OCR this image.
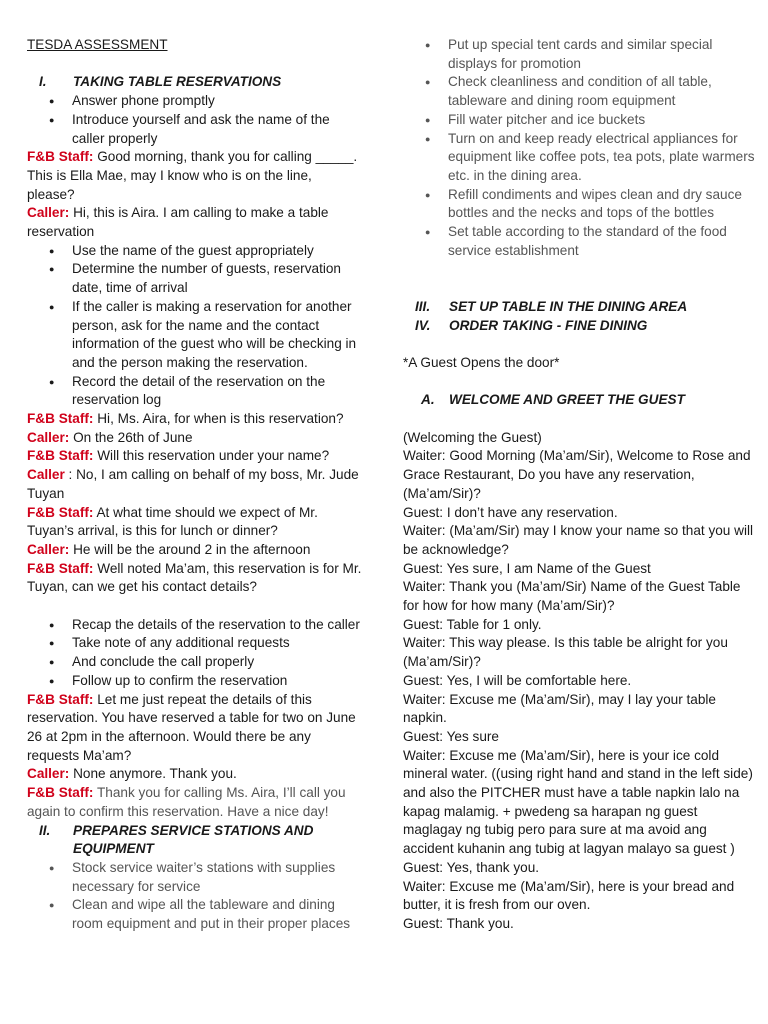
TESDA ASSESSMENT

I.	TAKING TABLE RESERVATIONS
● Answer phone promptly
● Introduce yourself and ask the name of the caller properly

F&B Staff: Good morning, thank you for calling _____. This is Ella Mae, may I know who is on the line, please?

Caller: Hi, this is Aira. I am calling to make a table reservation

● Use the name of the guest appropriately
● Determine the number of guests, reservation date, time of arrival
● If the caller is making a reservation for another person, ask for the name and the contact information of the guest who will be checking in and the person making the reservation.
● Record the detail of the reservation on the reservation log

F&B Staff: Hi, Ms. Aira, for when is this reservation?

Caller: On the 26th of June

F&B Staff: Will this reservation under your name?

Caller : No, I am calling on behalf of my boss, Mr. Jude Tuyan

F&B Staff: At what time should we expect of Mr. Tuyan’s arrival, is this for lunch or dinner?

Caller: He will be the around 2 in the afternoon

F&B Staff: Well noted Ma’am, this reservation is for Mr. Tuyan, can we get his contact details?

● Recap the details of the reservation to the caller
● Take note of any additional requests
● And conclude the call properly
● Follow up to confirm the reservation

F&B Staff: Let me just repeat the details of this reservation. You have reserved a table for two on June 26 at 2pm in the afternoon. Would there be any requests Ma’am?

Caller: None anymore. Thank you.

F&B Staff: Thank you for calling Ms. Aira, I’ll call you again to confirm this reservation. Have a nice day!

II.	PREPARES SERVICE STATIONS AND EQUIPMENT
● Stock service waiter’s stations with supplies necessary for service
● Clean and wipe all the tableware and dining room equipment and put in their proper places
● Put up special tent cards and similar special displays for promotion
● Check cleanliness and condition of all table, tableware and dining room equipment
● Fill water pitcher and ice buckets
● Turn on and keep ready electrical appliances for equipment like coffee pots, tea pots, plate warmers etc. in the dining area.
● Refill condiments and wipes clean and dry sauce bottles and the necks and tops of the bottles
● Set table according to the standard of the food service establishment
III.	SET UP TABLE IN THE DINING AREA
IV.	ORDER TAKING - FINE DINING

*A Guest Opens the door*

A.	WELCOME AND GREET THE GUEST

(Welcoming the Guest)

Waiter: Good Morning (Ma’am/Sir), Welcome to Rose and Grace Restaurant, Do you have any reservation, (Ma’am/Sir)?

Guest: I don’t have any reservation.

Waiter: (Ma’am/Sir) may I know your name so that you will be acknowledge?

Guest: Yes sure, I am Name of the Guest

Waiter: Thank you (Ma’am/Sir) Name of the Guest Table for how for how many (Ma’am/Sir)?

Guest: Table for 1 only.

Waiter: This way please. Is this table be alright for you (Ma’am/Sir)?

Guest: Yes, I will be comfortable here.

Waiter: Excuse me (Ma’am/Sir), may I lay your table napkin.

Guest: Yes sure

Waiter: Excuse me (Ma’am/Sir), here is your ice cold mineral water. ((using right hand and stand in the left side) and also the PITCHER must have a table napkin lalo na kapag malamig. + pwedeng sa harapan ng guest maglagay ng tubig pero para sure at ma avoid ang accident kuhanin ang tubig at lagyan malayo sa guest )

Guest: Yes, thank you.

Waiter: Excuse me (Ma’am/Sir), here is your bread and butter, it is fresh from our oven.

Guest: Thank you.
